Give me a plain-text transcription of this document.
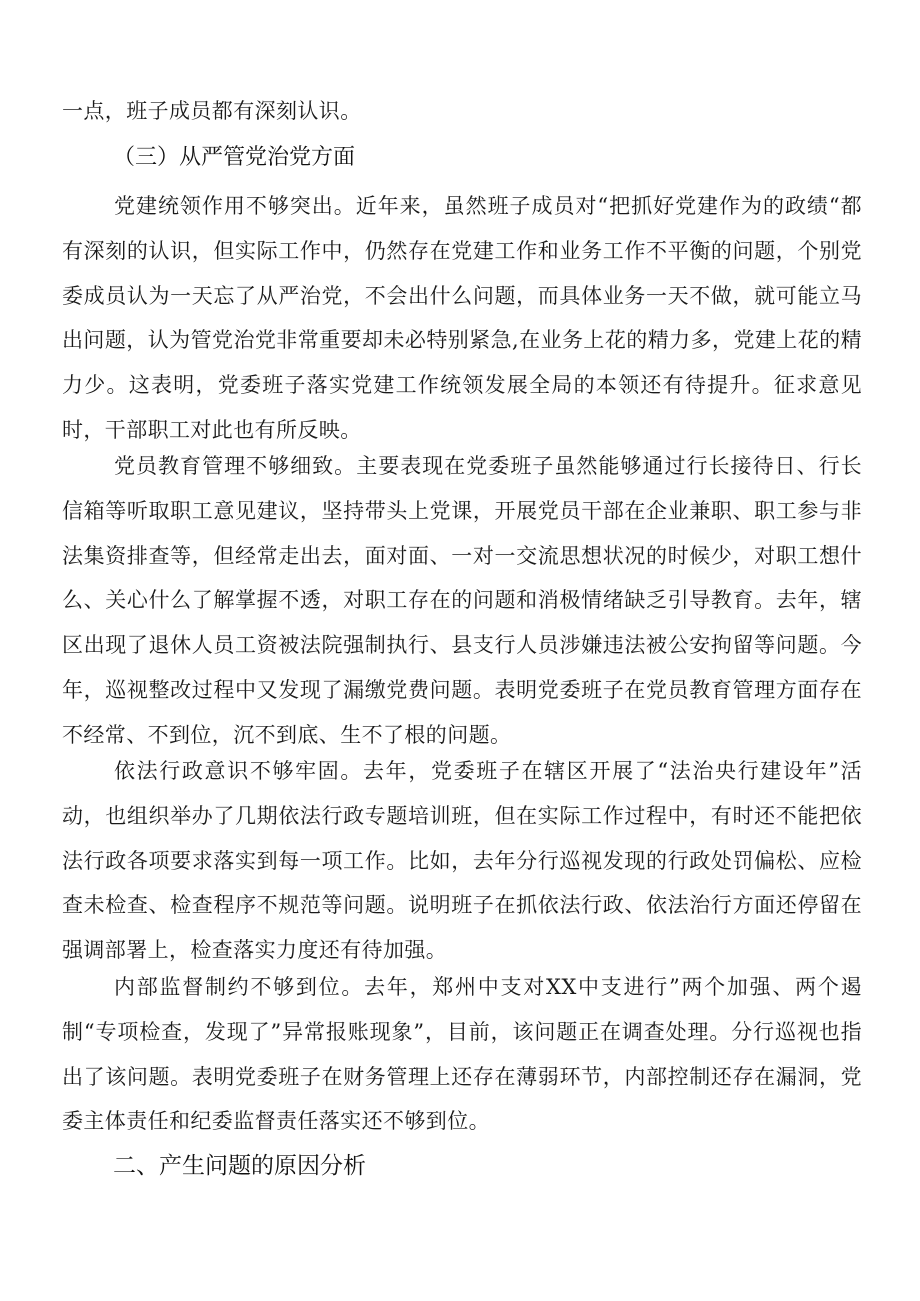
一点，班子成员都有深刻认识。

（三）从严管党治党方面

党建统领作用不够突出。近年来，虽然班子成员对“把抓好党建作为的政绩“都有深刻的认识，但实际工作中，仍然存在党建工作和业务工作不平衡的问题，个别党委成员认为一天忘了从严治党，不会出什么问题，而具体业务一天不做，就可能立马出问题，认为管党治党非常重要却未必特别紧急,在业务上花的精力多，党建上花的精力少。这表明，党委班子落实党建工作统领发展全局的本领还有待提升。征求意见时，干部职工对此也有所反映。

党员教育管理不够细致。主要表现在党委班子虽然能够通过行长接待日、行长信箱等听取职工意见建议，坚持带头上党课，开展党员干部在企业兼职、职工参与非法集资排查等，但经常走出去，面对面、一对一交流思想状况的时候少，对职工想什么、关心什么了解掌握不透，对职工存在的问题和消极情绪缺乏引导教育。去年，辖区出现了退休人员工资被法院强制执行、县支行人员涉嫌违法被公安拘留等问题。今年，巡视整改过程中又发现了漏缴党费问题。表明党委班子在党员教育管理方面存在不经常、不到位，沉不到底、生不了根的问题。

依法行政意识不够牢固。去年，党委班子在辖区开展了“法治央行建设年”活动，也组织举办了几期依法行政专题培训班，但在实际工作过程中，有时还不能把依法行政各项要求落实到每一项工作。比如，去年分行巡视发现的行政处罚偏松、应检查未检查、检查程序不规范等问题。说明班子在抓依法行政、依法治行方面还停留在强调部署上，检查落实力度还有待加强。

内部监督制约不够到位。去年，郑州中支对XX中支进行”两个加强、两个遏制“专项检查，发现了”异常报账现象”，目前，该问题正在调查处理。分行巡视也指出了该问题。表明党委班子在财务管理上还存在薄弱环节，内部控制还存在漏洞，党委主体责任和纪委监督责任落实还不够到位。

二、产生问题的原因分析
